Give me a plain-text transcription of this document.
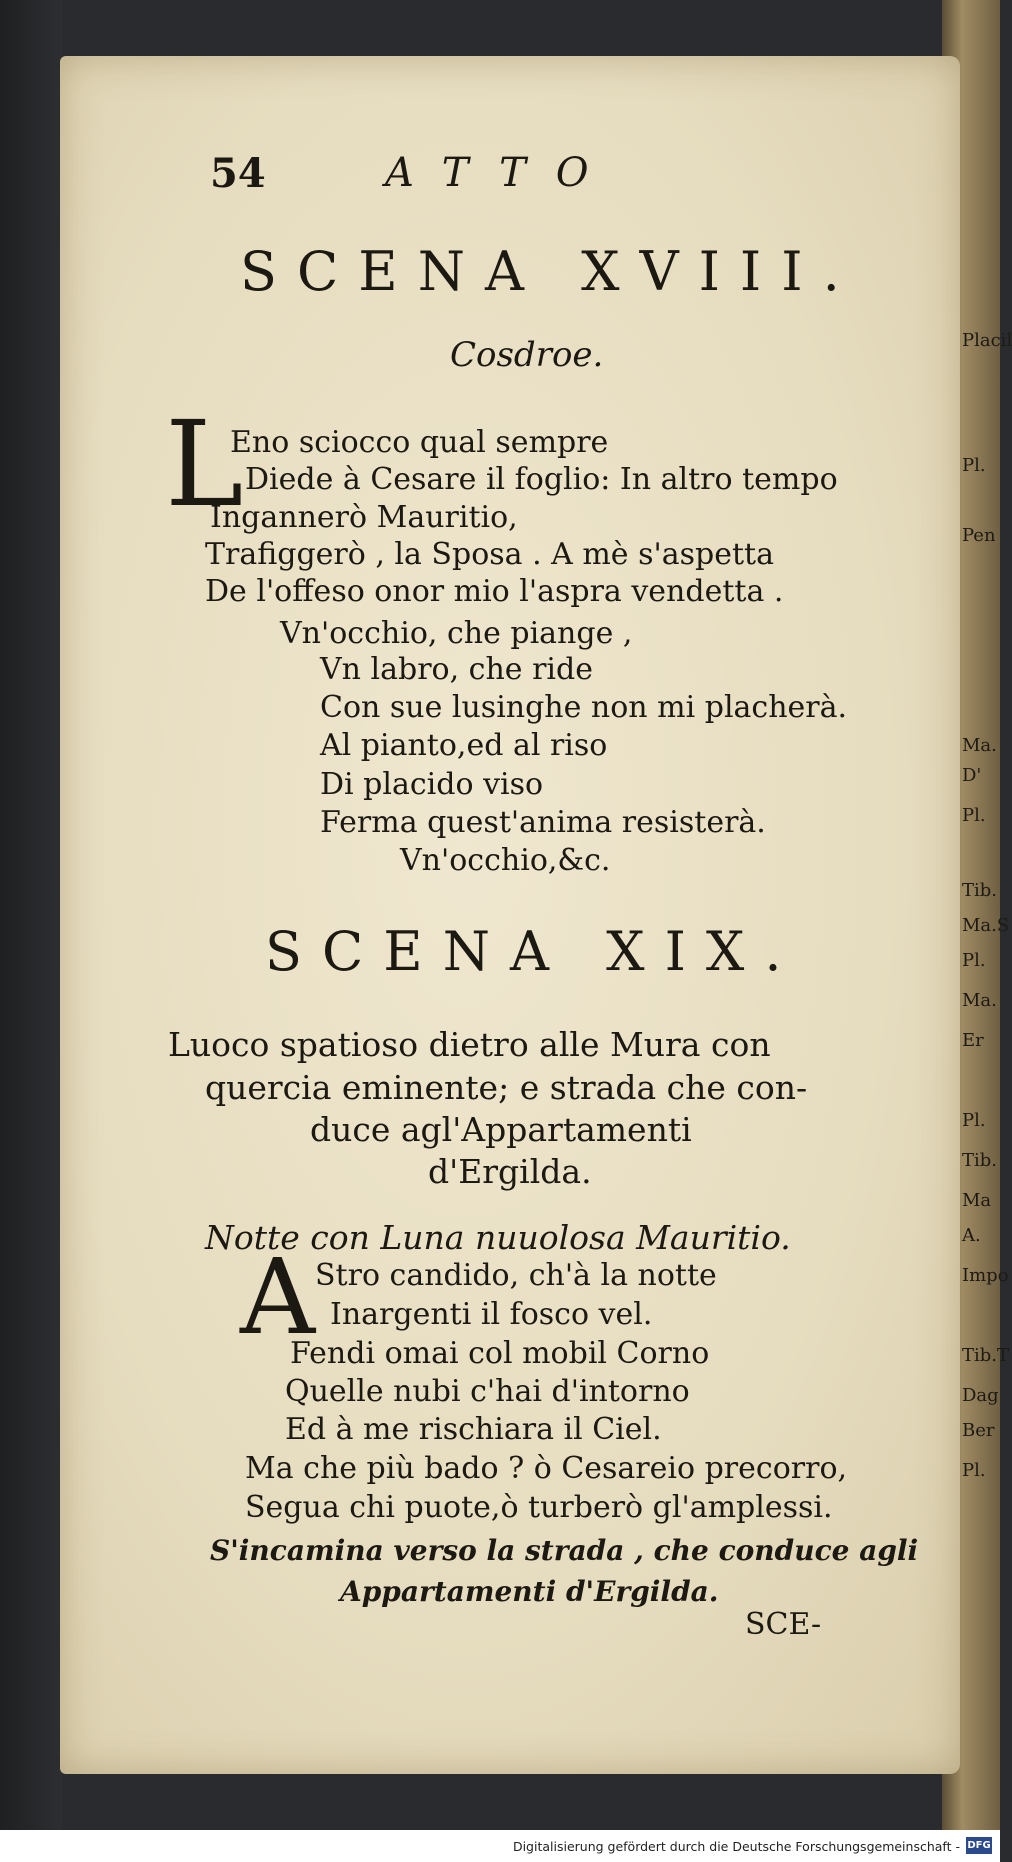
Placil
Pl.
Pen
Ma.
D'
Pl.
Tib.
Ma.S
Pl.
Ma.
Er
Pl.
Tib.
Ma
A.
Impo
Tib.T
Dag
Ber
Pl.
54	ATTO
SCENA XVIII.
Cosdroe.
L
Eno sciocco qual sempre
Diede à Cesare il foglio: In altro tempo
Ingannerò Mauritio,
Trafiggerò , la Sposa . A mè s'aspetta
De l'offeso onor mio l'aspra vendetta .
Vn'occhio, che piange ,
Vn labro, che ride
Con sue lusinghe non mi placherà.
Al pianto,ed al riso
Di placido viso
Ferma quest'anima resisterà.
Vn'occhio,&c.
SCENA XIX.
Luoco spatioso dietro alle Mura con
quercia eminente; e strada che con-
duce agl'Appartamenti
d'Ergilda.
Notte con Luna nuuolosa Mauritio.
A Stro candido, ch'à la notte
Inargenti il fosco vel.
Fendi omai col mobil Corno
Quelle nubi c'hai d'intorno
Ed à me rischiara il Ciel.
Ma che più bado ? ò Cesareio precorro,
Segua chi puote,ò turberò gl'amplessi.
S'incamina verso la strada , che conduce agli
Appartamenti d'Ergilda.
SCE-
Digitalisierung gefördert durch die Deutsche Forschungsgemeinschaft - DFG
